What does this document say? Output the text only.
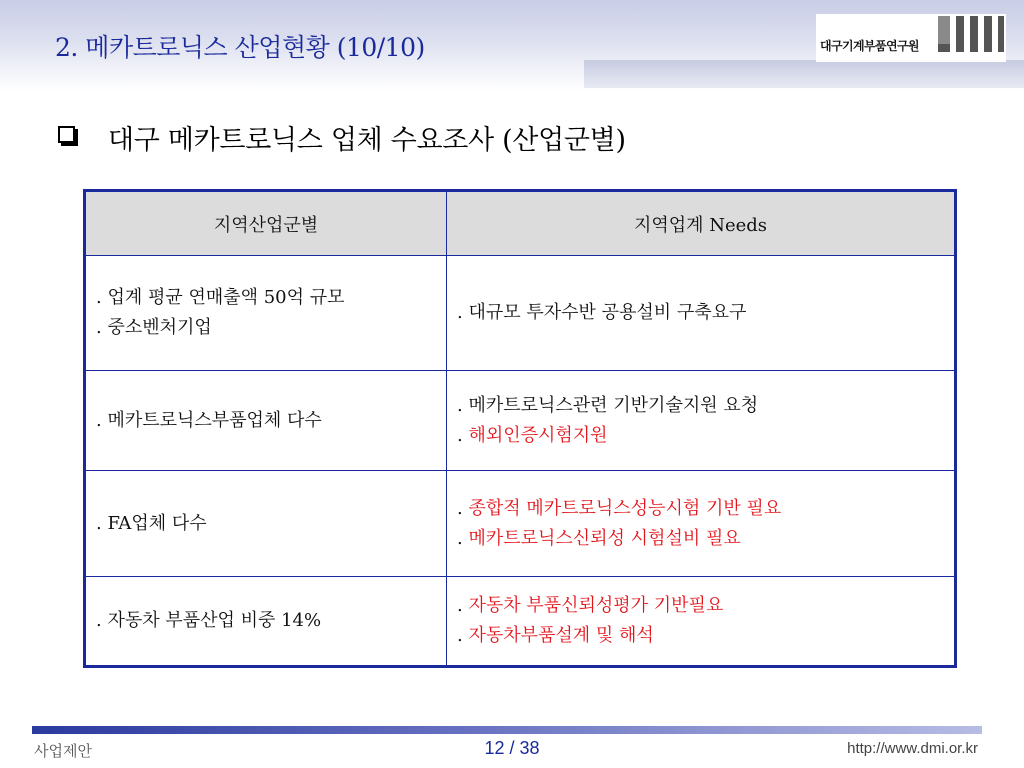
2. 메카트로닉스 산업현황 (10/10)	대구기계부품연구원
대구 메카트로닉스 업체 수요조사 (산업군별)
지역산업군별	지역업계 Needs

. 업계 평균 연매출액 50억 규모
. 중소벤처기업	. 대규모 투자수반 공용설비 구축요구

. 메카트로닉스부품업체 다수	. 메카트로닉스관련 기반기술지원 요청
. 해외인증시험지원

. FA업체 다수	. 종합적 메카트로닉스성능시험 기반 필요
. 메카트로닉스신뢰성 시험설비 필요

. 자동차 부품산업 비중 14%	. 자동차 부품신뢰성평가 기반필요
. 자동차부품설계 및 해석
사업제안	12 / 38	http://www.dmi.or.kr
